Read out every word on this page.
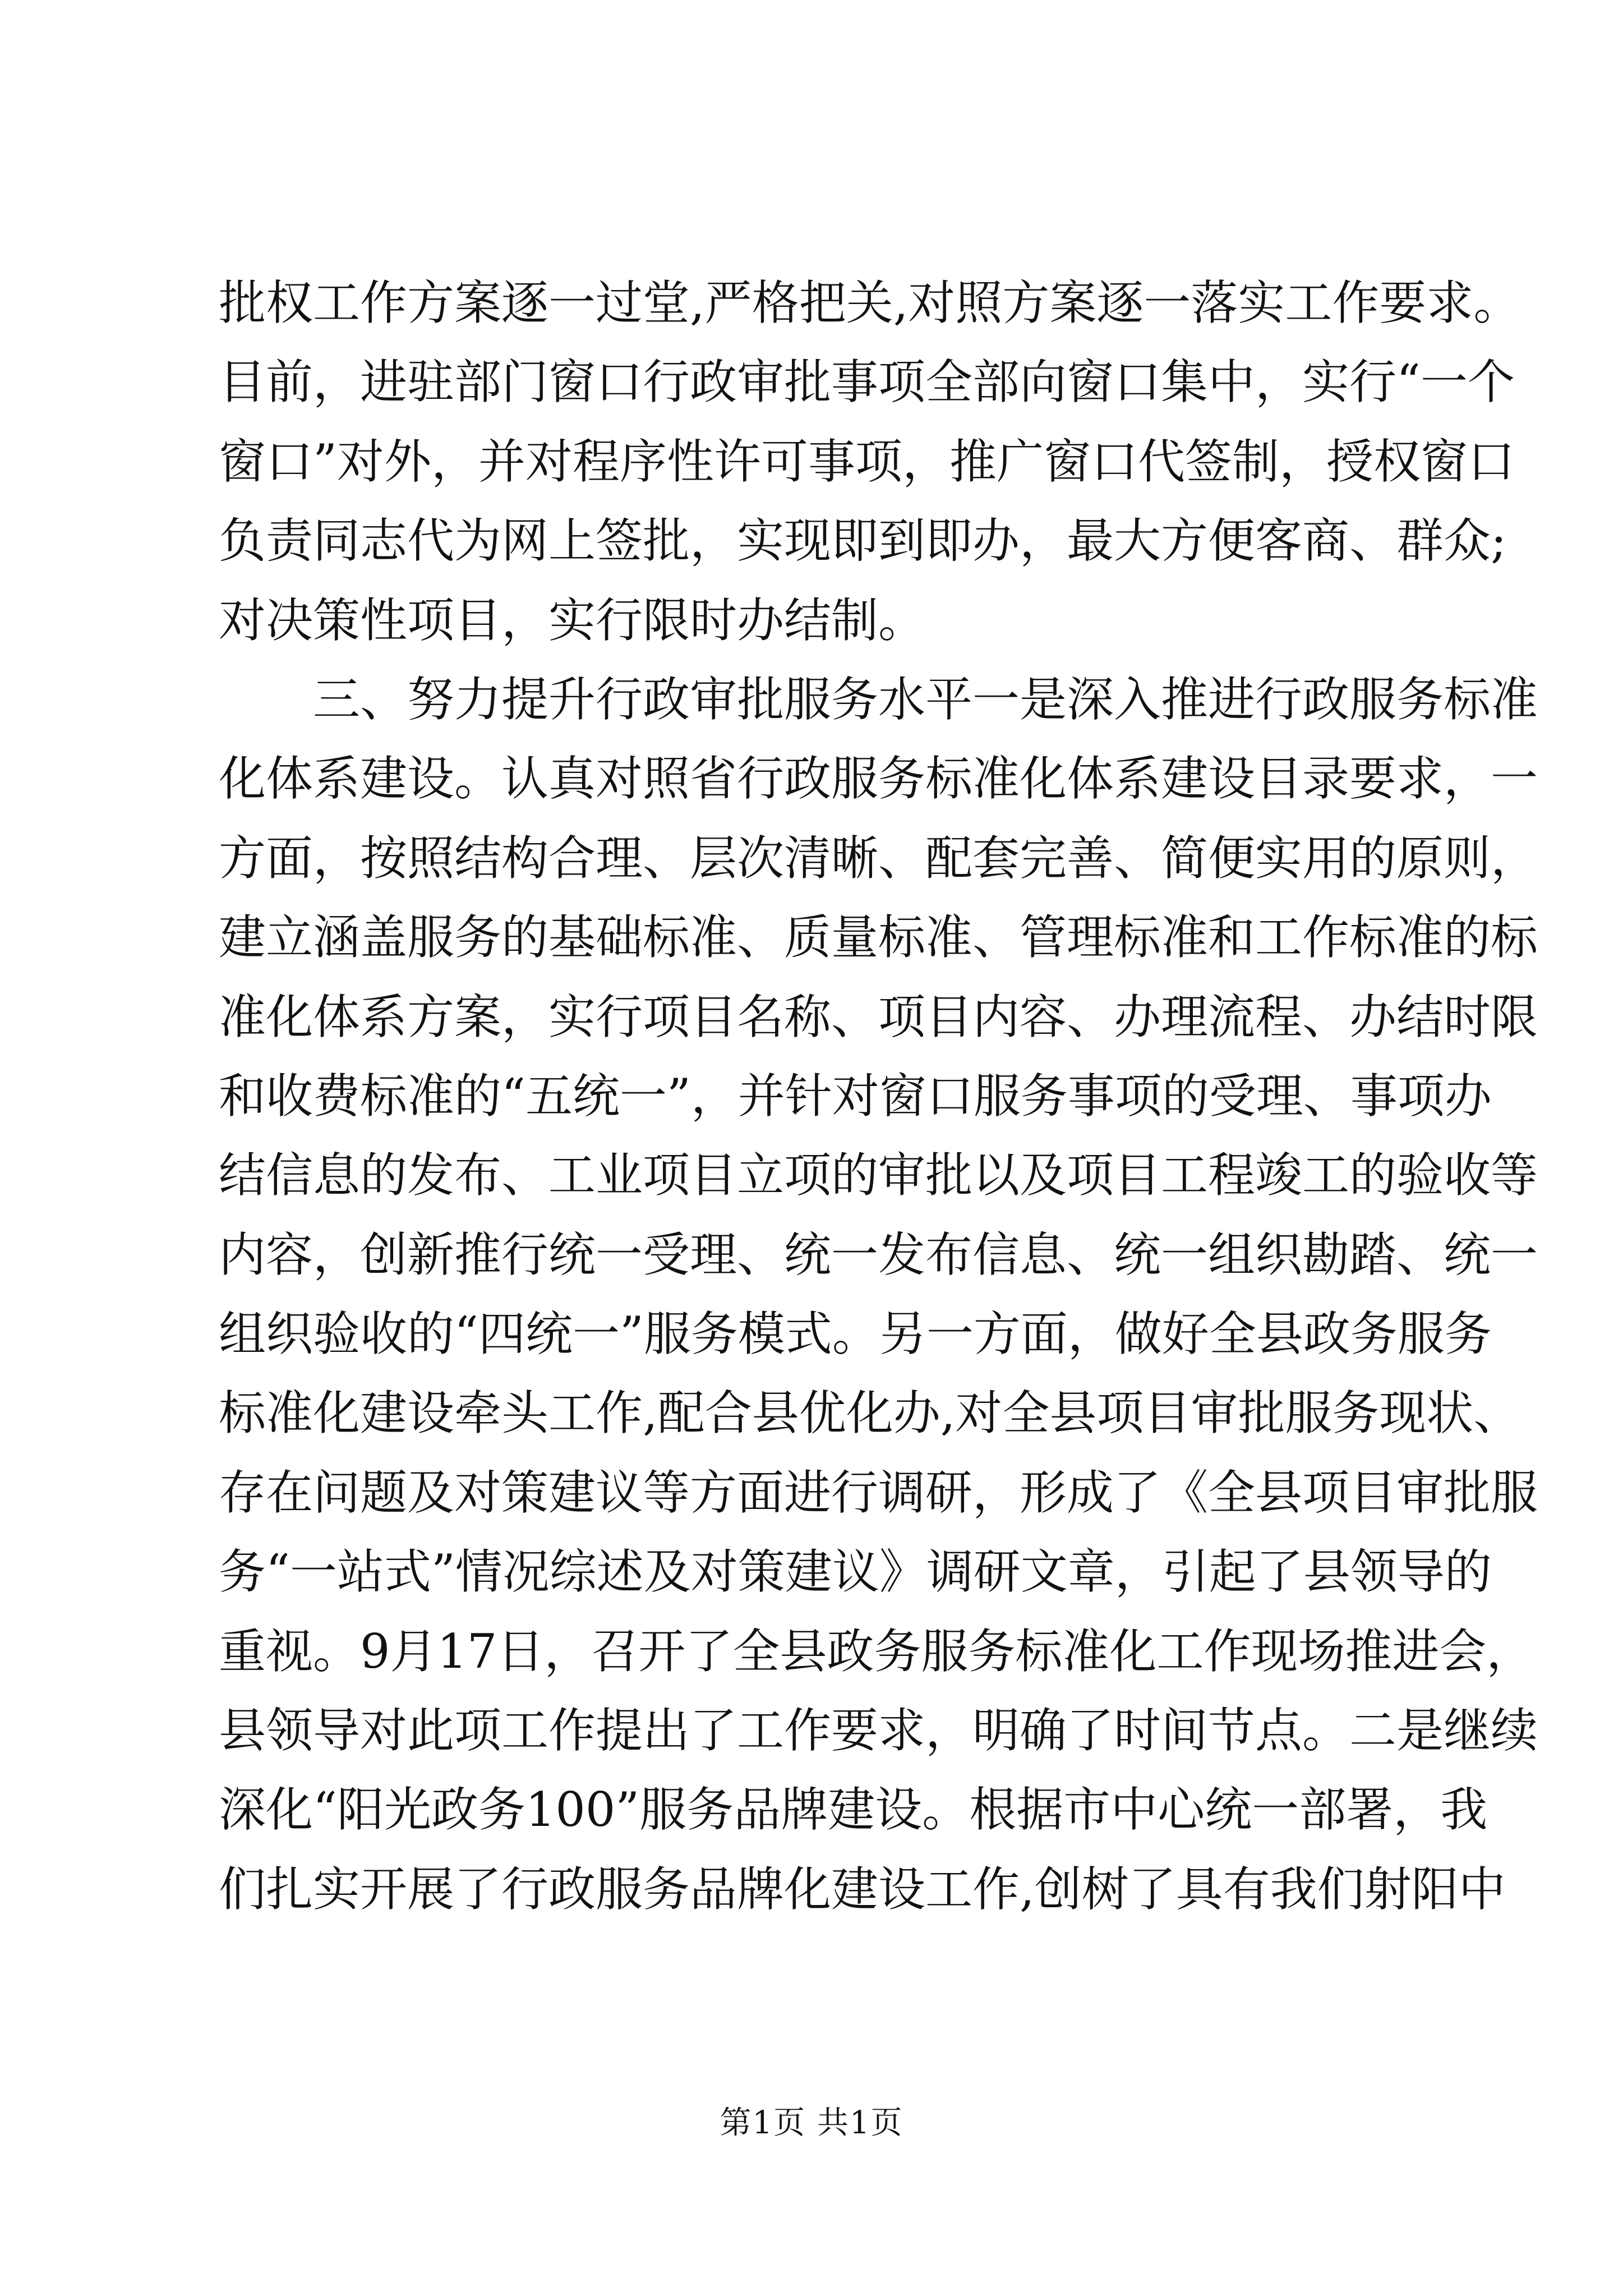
批权工作方案逐一过堂,严格把关,对照方案逐一落实工作要求。
目前，进驻部门窗口行政审批事项全部向窗口集中，实行“一个
窗口”对外，并对程序性许可事项，推广窗口代签制，授权窗口
负责同志代为网上签批，实现即到即办，最大方便客商、群众;
对决策性项目，实行限时办结制。
三、努力提升行政审批服务水平一是深入推进行政服务标准
化体系建设。认真对照省行政服务标准化体系建设目录要求，一
方面，按照结构合理、层次清晰、配套完善、简便实用的原则，
建立涵盖服务的基础标准、质量标准、管理标准和工作标准的标
准化体系方案，实行项目名称、项目内容、办理流程、办结时限
和收费标准的“五统一”，并针对窗口服务事项的受理、事项办
结信息的发布、工业项目立项的审批以及项目工程竣工的验收等
内容，创新推行统一受理、统一发布信息、统一组织勘踏、统一
组织验收的“四统一”服务模式。另一方面，做好全县政务服务
标准化建设牵头工作,配合县优化办,对全县项目审批服务现状、
存在问题及对策建议等方面进行调研，形成了《全县项目审批服
务“一站式”情况综述及对策建议》调研文章，引起了县领导的
重视。9月17日，召开了全县政务服务标准化工作现场推进会，
县领导对此项工作提出了工作要求，明确了时间节点。二是继续
深化“阳光政务100”服务品牌建设。根据市中心统一部署，我
们扎实开展了行政服务品牌化建设工作,创树了具有我们射阳中
第1页 共1页
